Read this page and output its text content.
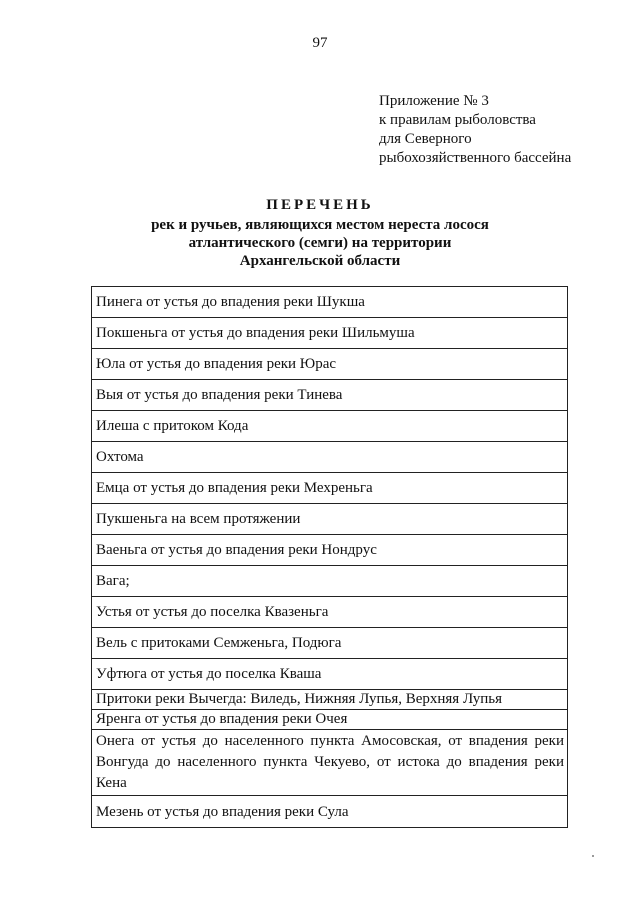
97
Приложение № 3
к правилам рыболовства
для Северного
рыбохозяйственного бассейна
ПЕРЕЧЕНЬ
рек и ручьев, являющихся местом нереста лосося
атлантического (семги) на территории
Архангельской области
Пинега от устья до впадения реки Шукша
Покшеньга от устья до впадения реки Шильмуша
Юла от устья до впадения реки Юрас
Выя от устья до впадения реки Тинева
Илеша с притоком Кода
Охтома
Емца от устья до впадения реки Мехреньга
Пукшеньга на всем протяжении
Ваеньга от устья до впадения реки Нондрус
Вага;
Устья от устья до поселка Квазеньга
Вель с притоками Семженьга, Подюга
Уфтюга от устья до поселка Кваша
Притоки реки Вычегда: Виледь, Нижняя Лупья, Верхняя Лупья
Яренга от устья до впадения реки Очея
Онега от устья до населенного пункта Амосовская, от впадения реки Вонгуда до населенного пункта Чекуево, от истока до впадения реки Кена
Мезень от устья до впадения реки Сула
